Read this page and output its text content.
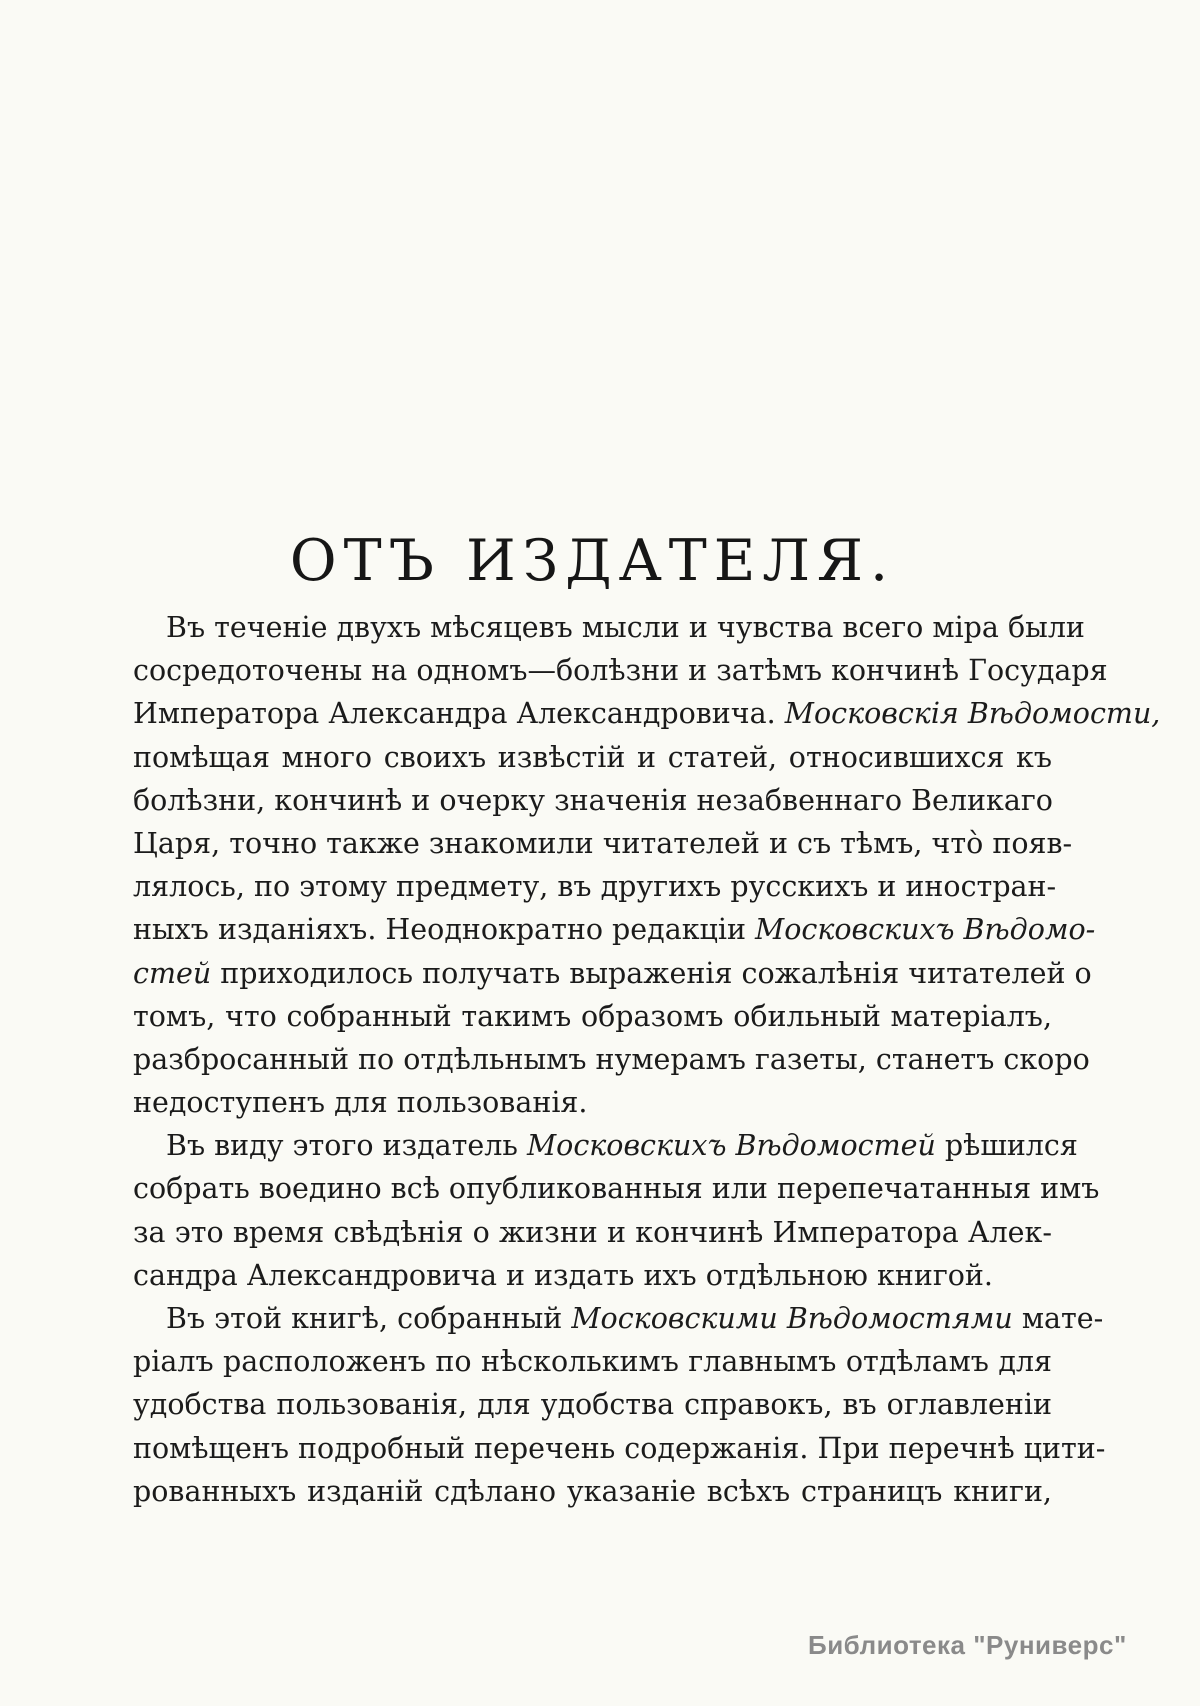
ОТЪ ИЗДАТЕЛЯ.
Въ теченіе двухъ мѣсяцевъ мысли и чувства всего міра были
сосредоточены на одномъ—болѣзни и затѣмъ кончинѣ Государя
Императора Александра Александровича. Московскія Вѣдомости,
помѣщая много своихъ извѣстій и статей, относившихся къ
болѣзни, кончинѣ и очерку значенія незабвеннаго Великаго
Царя, точно также знакомили читателей и съ тѣмъ, что̀ появ-
лялось, по этому предмету, въ другихъ русскихъ и иностран-
ныхъ изданіяхъ. Неоднократно редакціи Московскихъ Вѣдомо-
стей приходилось получать выраженія сожалѣнія читателей о
томъ, что собранный такимъ образомъ обильный матеріалъ,
разбросанный по отдѣльнымъ нумерамъ газеты, станетъ скоро
недоступенъ для пользованія.
Въ виду этого издатель Московскихъ Вѣдомостей рѣшился
собрать воедино всѣ опубликованныя или перепечатанныя имъ
за это время свѣдѣнія о жизни и кончинѣ Императора Алек-
сандра Александровича и издать ихъ отдѣльною книгой.
Въ этой книгѣ, собранный Московскими Вѣдомостями мате-
ріалъ расположенъ по нѣсколькимъ главнымъ отдѣламъ для
удобства пользованія, для удобства справокъ, въ оглавленіи
помѣщенъ подробный перечень содержанія. При перечнѣ цити-
рованныхъ изданій сдѣлано указаніе всѣхъ страницъ книги,
Библиотека "Руниверс"
